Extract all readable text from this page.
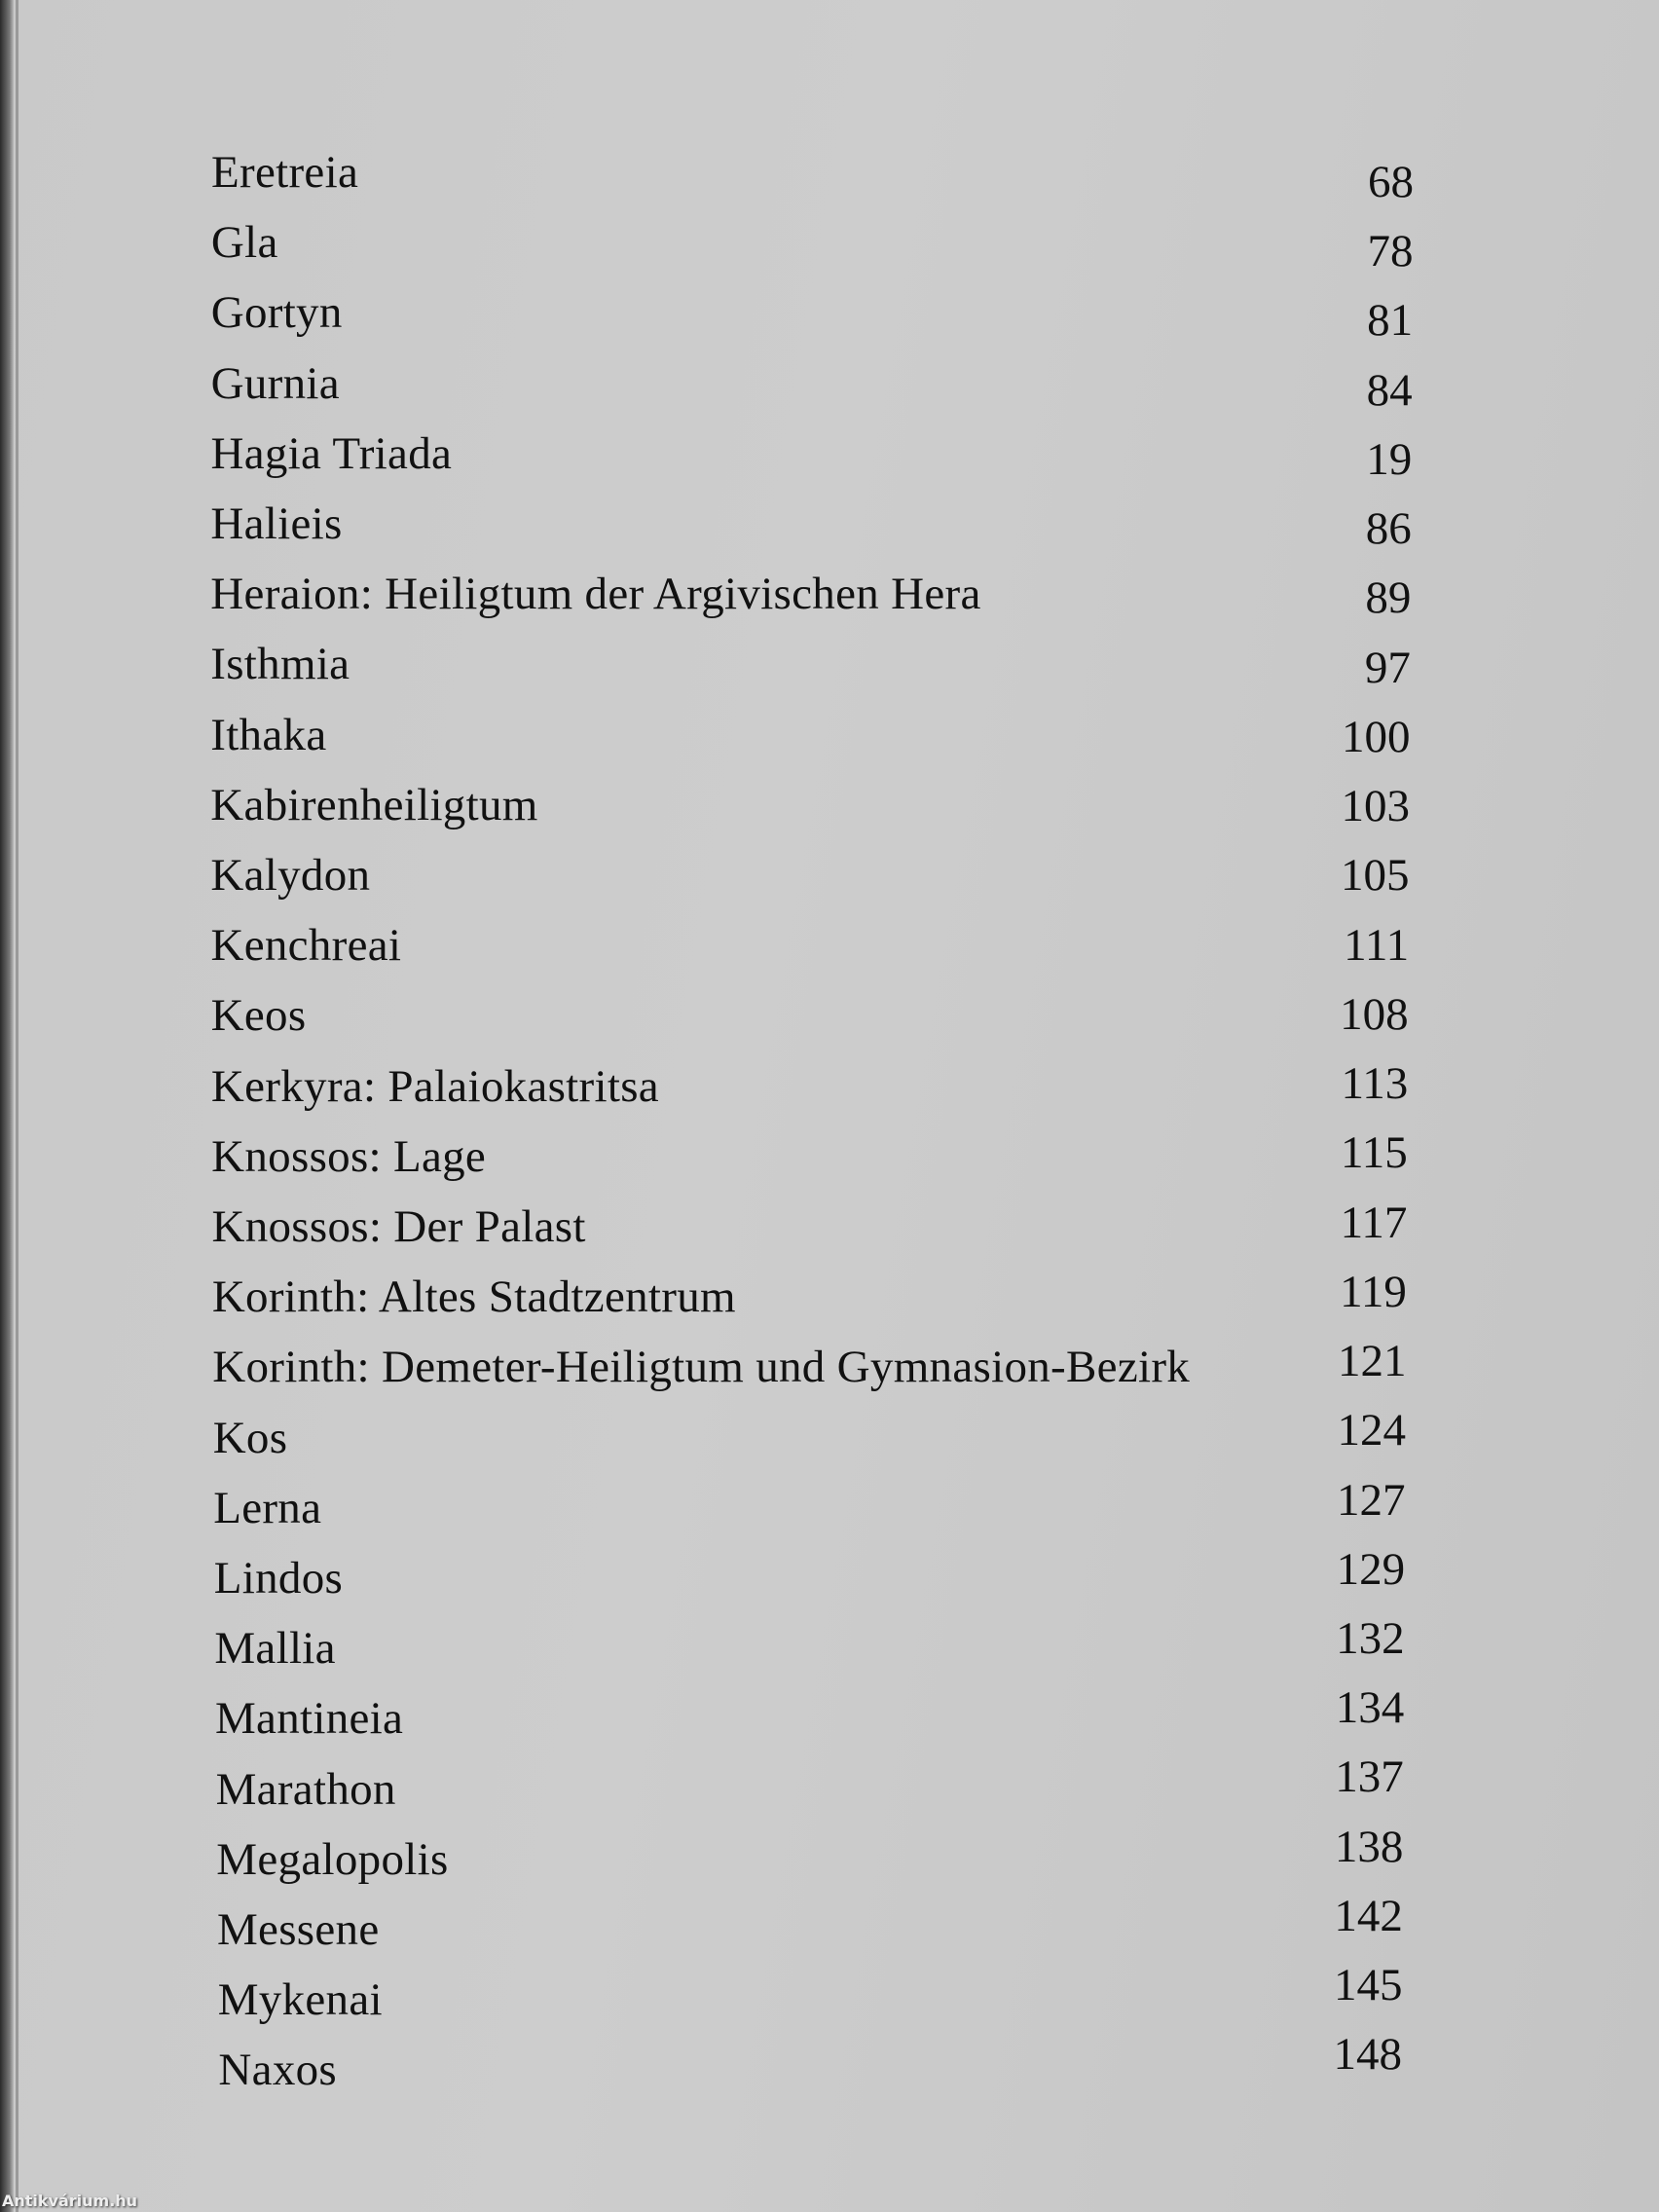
Eretreia	68
Gla	78
Gortyn	81
Gurnia	84
Hagia Triada	19
Halieis	86
Heraion: Heiligtum der Argivischen Hera	89
Isthmia	97
Ithaka	100
Kabirenheiligtum	103
Kalydon	105
Kenchreai	111
Keos	108
Kerkyra: Palaiokastritsa	113
Knossos: Lage	115
Knossos: Der Palast	117
Korinth: Altes Stadtzentrum	119
Korinth: Demeter-Heiligtum und Gymnasion-Bezirk	121
Kos	124
Lerna	127
Lindos	129
Mallia	132
Mantineia	134
Marathon	137
Megalopolis	138
Messene	142
Mykenai	145
Naxos	148
Antikvárium.hu
